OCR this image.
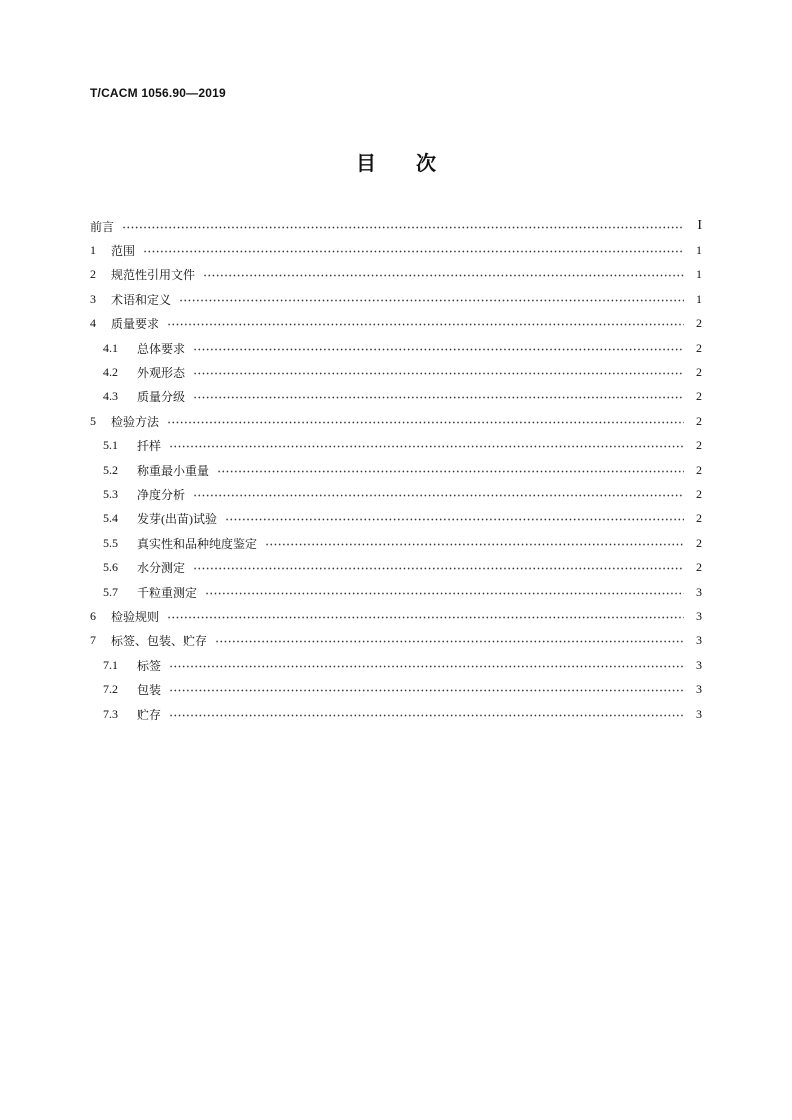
T/CACM 1056.90—2019
目　　次
前言	I
1	范围	1
2	规范性引用文件	1
3	术语和定义	1
4	质量要求	2
4.1	总体要求	2
4.2	外观形态	2
4.3	质量分级	2
5	检验方法	2
5.1	扦样	2
5.2	称重最小重量	2
5.3	净度分析	2
5.4	发芽(出苗)试验	2
5.5	真实性和品种纯度鉴定	2
5.6	水分测定	2
5.7	千粒重测定	3
6	检验规则	3
7	标签、包装、贮存	3
7.1	标签	3
7.2	包装	3
7.3	贮存	3
